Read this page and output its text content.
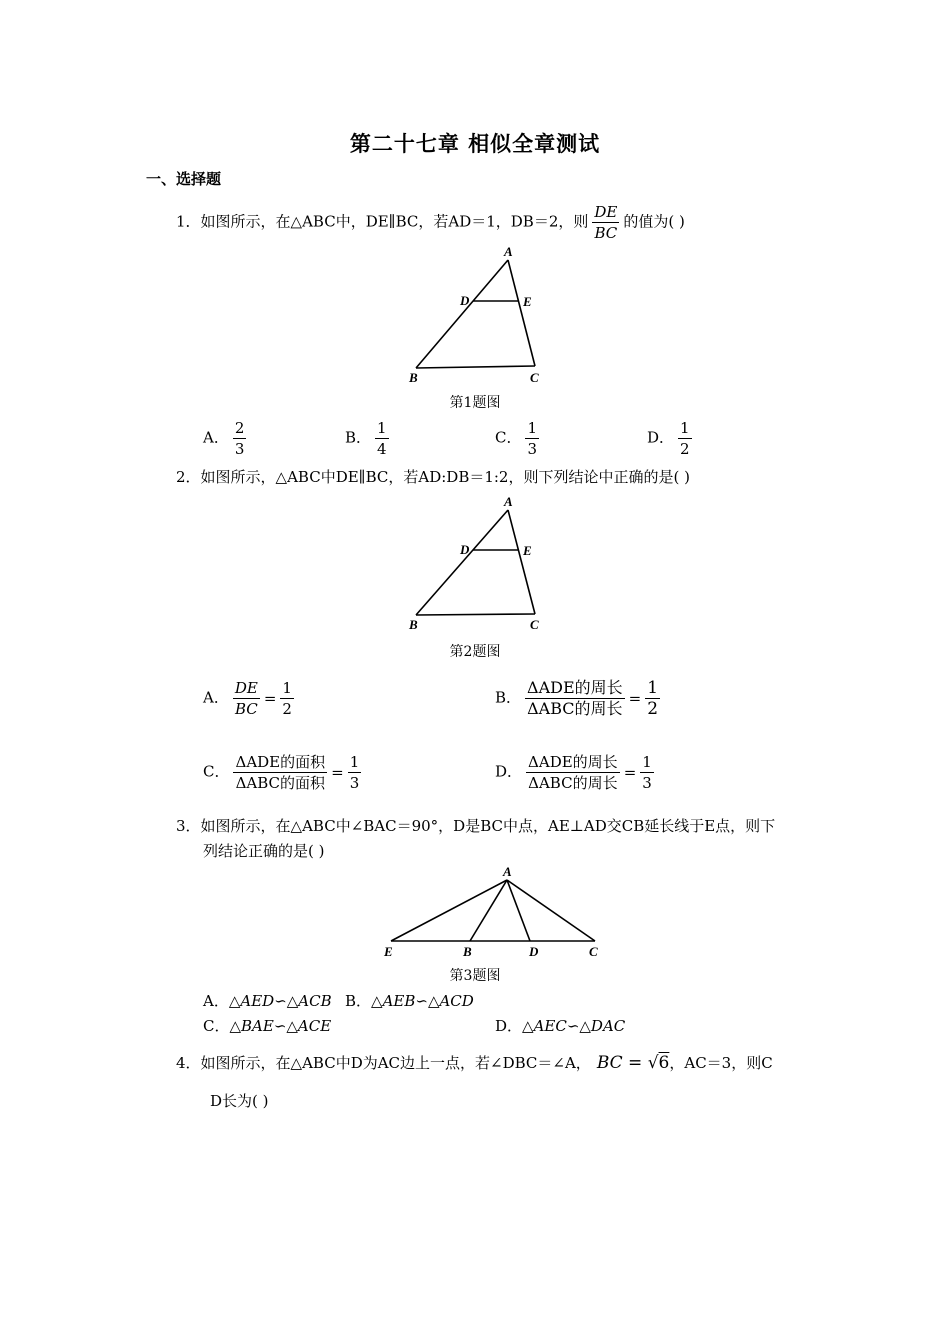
第二十七章 相似全章测试
一、选择题
1．如图所示，在△ABC中，DE∥BC，若AD＝1，DB＝2，则 $\frac{DE}{BC}$ 的值为( )
A
D	E
B	C
第1题图
A． $\frac{2}{3}$	B． $\frac{1}{4}$	C． $\frac{1}{3}$	D． $\frac{1}{2}$
2．如图所示，△ABC中DE∥BC，若AD:DB＝1:2，则下列结论中正确的是( )
A
D	E
B	C
第2题图
A． $\frac{DE}{BC} = \frac{1}{2}$	B． $\frac{\text{ΔADE的周长}}{\text{ΔABC的周长}} = \frac{1}{2}$
C． $\frac{\text{ΔADE的面积}}{\text{ΔABC的面积}} = \frac{1}{3}$	D． $\frac{\text{ΔADE的周长}}{\text{ΔABC的周长}} = \frac{1}{3}$
3．如图所示，在△ABC中∠BAC＝90°，D是BC中点，AE⊥AD交CB延长线于E点，则下
列结论正确的是( )
A
E	B	D	C
第3题图
A．△AED∽△ACB B．△AEB∽△ACD
C．△BAE∽△ACE	D．△AEC∽△DAC
4．如图所示，在△ABC中D为AC边上一点，若∠DBC＝∠A， BC = √6，AC＝3，则C
D长为( )
